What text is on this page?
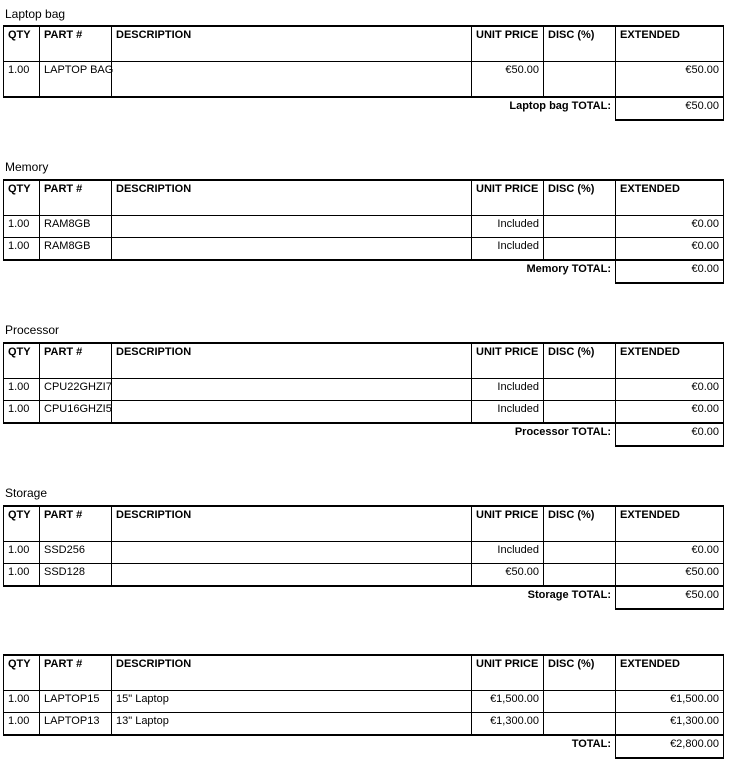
Laptop bag
QTY	PART #	DESCRIPTION	UNIT PRICE	DISC (%)	EXTENDED
1.00	LAPTOP BAG		€50.00		€50.00
Laptop bag TOTAL:					€50.00
Memory
QTY	PART #	DESCRIPTION	UNIT PRICE	DISC (%)	EXTENDED
1.00	RAM8GB		Included		€0.00
1.00	RAM8GB		Included		€0.00
Memory TOTAL:					€0.00
Processor
QTY	PART #	DESCRIPTION	UNIT PRICE	DISC (%)	EXTENDED
1.00	CPU22GHZI7		Included		€0.00
1.00	CPU16GHZI5		Included		€0.00
Processor TOTAL:					€0.00
Storage
QTY	PART #	DESCRIPTION	UNIT PRICE	DISC (%)	EXTENDED
1.00	SSD256		Included		€0.00
1.00	SSD128		€50.00		€50.00
Storage TOTAL:					€50.00
QTY	PART #	DESCRIPTION	UNIT PRICE	DISC (%)	EXTENDED
1.00	LAPTOP15	15" Laptop	€1,500.00		€1,500.00
1.00	LAPTOP13	13" Laptop	€1,300.00		€1,300.00
TOTAL:					€2,800.00
